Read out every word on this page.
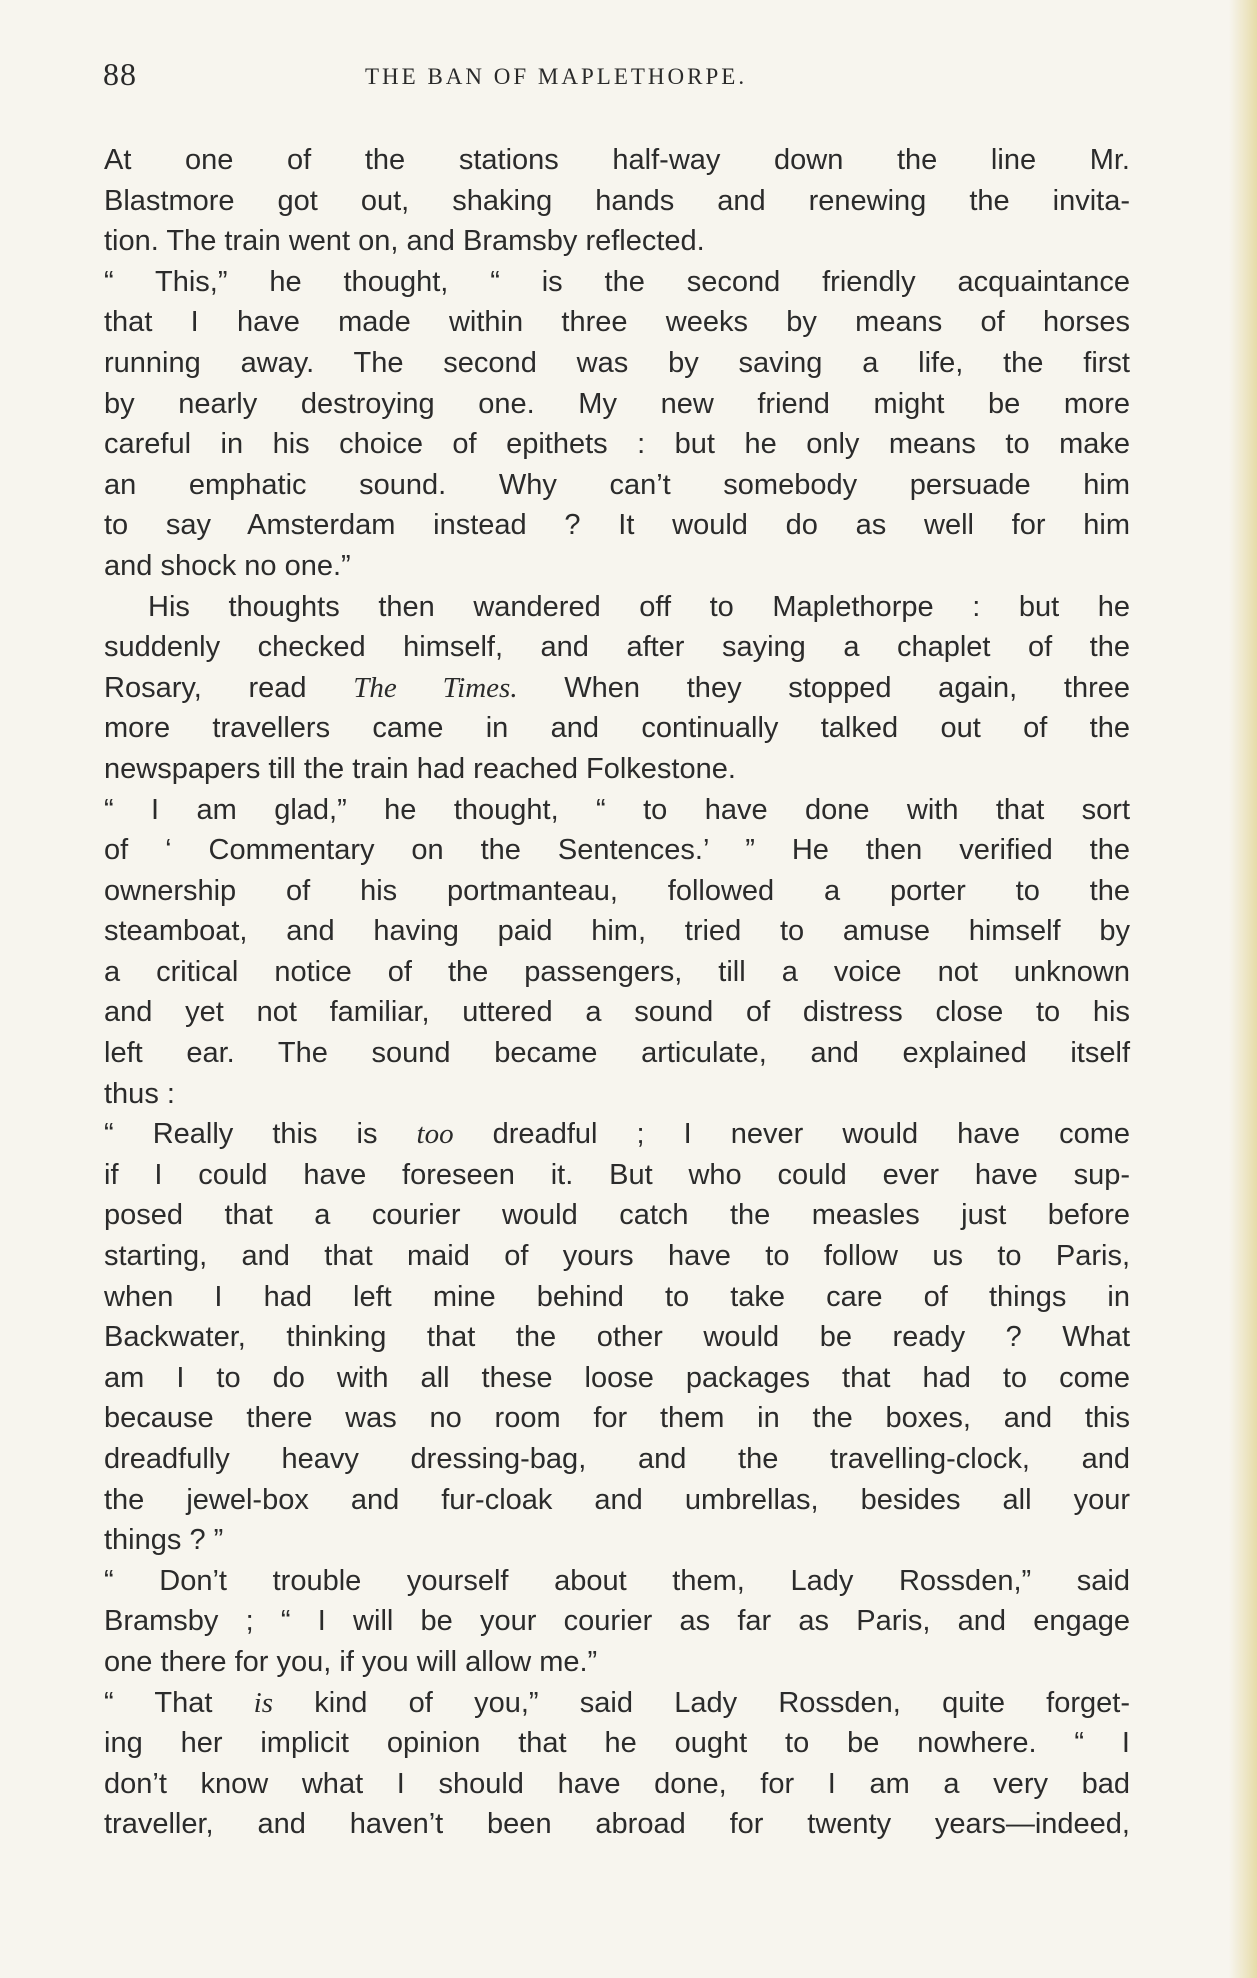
88	THE BAN OF MAPLETHORPE.
At one of the stations half-way down the line Mr.
Blastmore got out, shaking hands and renewing the invita-
tion. The train went on, and Bramsby reflected.
“ This,” he thought, “ is the second friendly acquaintance
that I have made within three weeks by means of horses
running away. The second was by saving a life, the first
by nearly destroying one. My new friend might be more
careful in his choice of epithets : but he only means to make
an emphatic sound. Why can’t somebody persuade him
to say Amsterdam instead ? It would do as well for him
and shock no one.”
His thoughts then wandered off to Maplethorpe : but he
suddenly checked himself, and after saying a chaplet of the
Rosary, read The Times. When they stopped again, three
more travellers came in and continually talked out of the
newspapers till the train had reached Folkestone.
“ I am glad,” he thought, “ to have done with that sort
of ‘ Commentary on the Sentences.’ ” He then verified the
ownership of his portmanteau, followed a porter to the
steamboat, and having paid him, tried to amuse himself by
a critical notice of the passengers, till a voice not unknown
and yet not familiar, uttered a sound of distress close to his
left ear. The sound became articulate, and explained itself
thus :
“ Really this is too dreadful ; I never would have come
if I could have foreseen it. But who could ever have sup-
posed that a courier would catch the measles just before
starting, and that maid of yours have to follow us to Paris,
when I had left mine behind to take care of things in
Backwater, thinking that the other would be ready ? What
am I to do with all these loose packages that had to come
because there was no room for them in the boxes, and this
dreadfully heavy dressing-bag, and the travelling-clock, and
the jewel-box and fur-cloak and umbrellas, besides all your
things ? ”
“ Don’t trouble yourself about them, Lady Rossden,” said
Bramsby ; “ I will be your courier as far as Paris, and engage
one there for you, if you will allow me.”
“ That is kind of you,” said Lady Rossden, quite forget-
ing her implicit opinion that he ought to be nowhere. “ I
don’t know what I should have done, for I am a very bad
traveller, and haven’t been abroad for twenty years—indeed,
